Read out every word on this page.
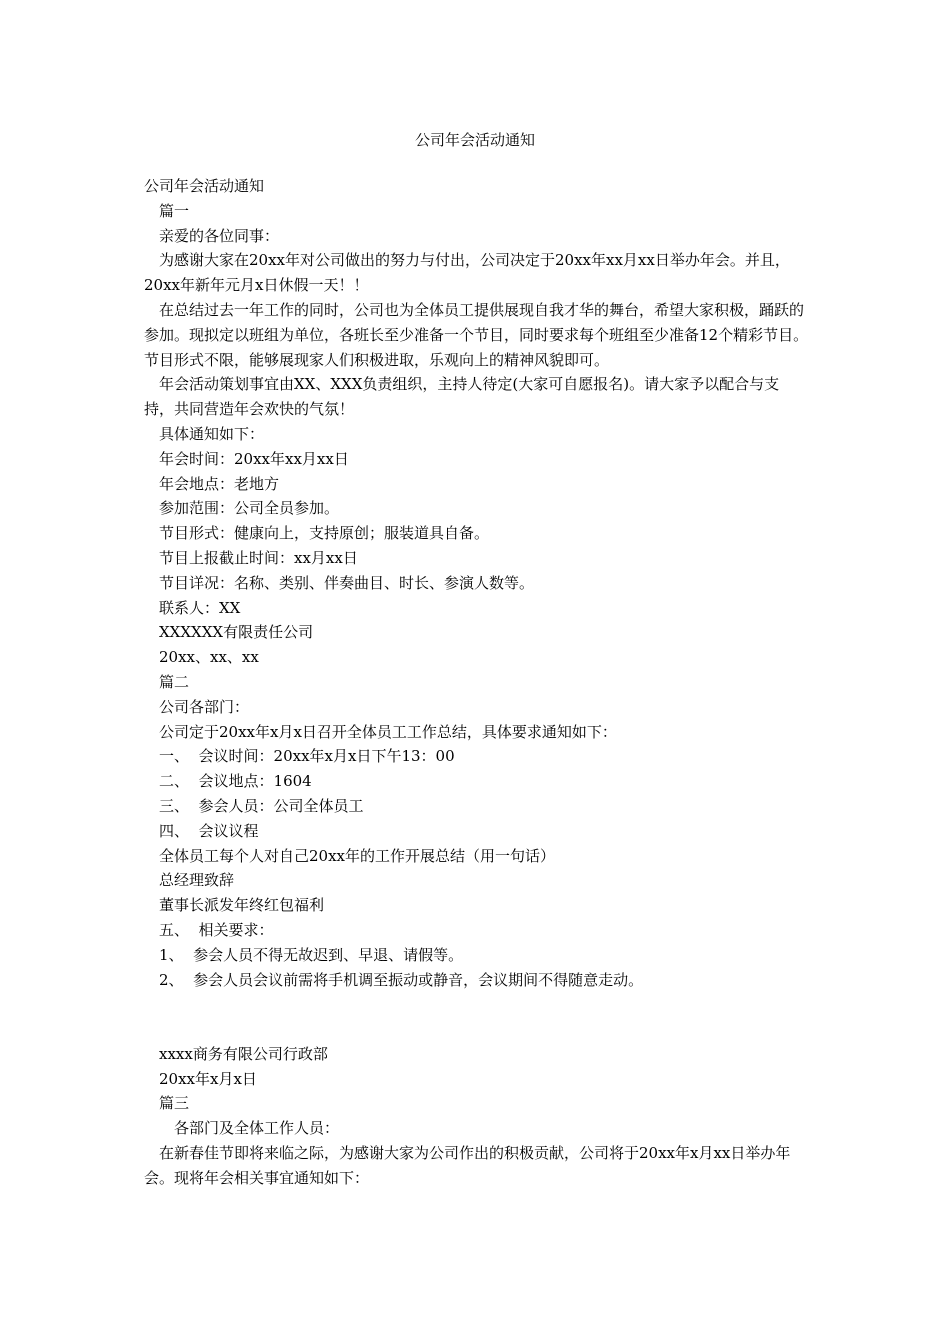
公司年会活动通知
公司年会活动通知
篇一
亲爱的各位同事：
为感谢大家在20xx年对公司做出的努力与付出，公司决定于20xx年xx月xx日举办年会。并且，20xx年新年元月x日休假一天！！
在总结过去一年工作的同时，公司也为全体员工提供展现自我才华的舞台，希望大家积极，踊跃的参加。现拟定以班组为单位，各班长至少准备一个节目，同时要求每个班组至少准备12个精彩节目。节目形式不限，能够展现家人们积极进取，乐观向上的精神风貌即可。
年会活动策划事宜由XX、XXX负责组织，主持人待定(大家可自愿报名)。请大家予以配合与支持，共同营造年会欢快的气氛！
具体通知如下：
年会时间：20xx年xx月xx日
年会地点：老地方
参加范围：公司全员参加。
节目形式：健康向上，支持原创；服装道具自备。
节目上报截止时间：xx月xx日
节目详况：名称、类别、伴奏曲目、时长、参演人数等。
联系人：XX
XXXXXX有限责任公司
20xx、xx、xx
篇二
公司各部门：
公司定于20xx年x月x日召开全体员工工作总结，具体要求通知如下：
一、  会议时间：20xx年x月x日下午13：00
二、  会议地点：1604
三、  参会人员：公司全体员工
四、  会议议程
全体员工每个人对自己20xx年的工作开展总结（用一句话）
总经理致辞
董事长派发年终红包福利
五、  相关要求：
1、  参会人员不得无故迟到、早退、请假等。
2、  参会人员会议前需将手机调至振动或静音，会议期间不得随意走动。
xxxx商务有限公司行政部
20xx年x月x日
篇三
各部门及全体工作人员：
在新春佳节即将来临之际，为感谢大家为公司作出的积极贡献，公司将于20xx年x月xx日举办年会。现将年会相关事宜通知如下：
